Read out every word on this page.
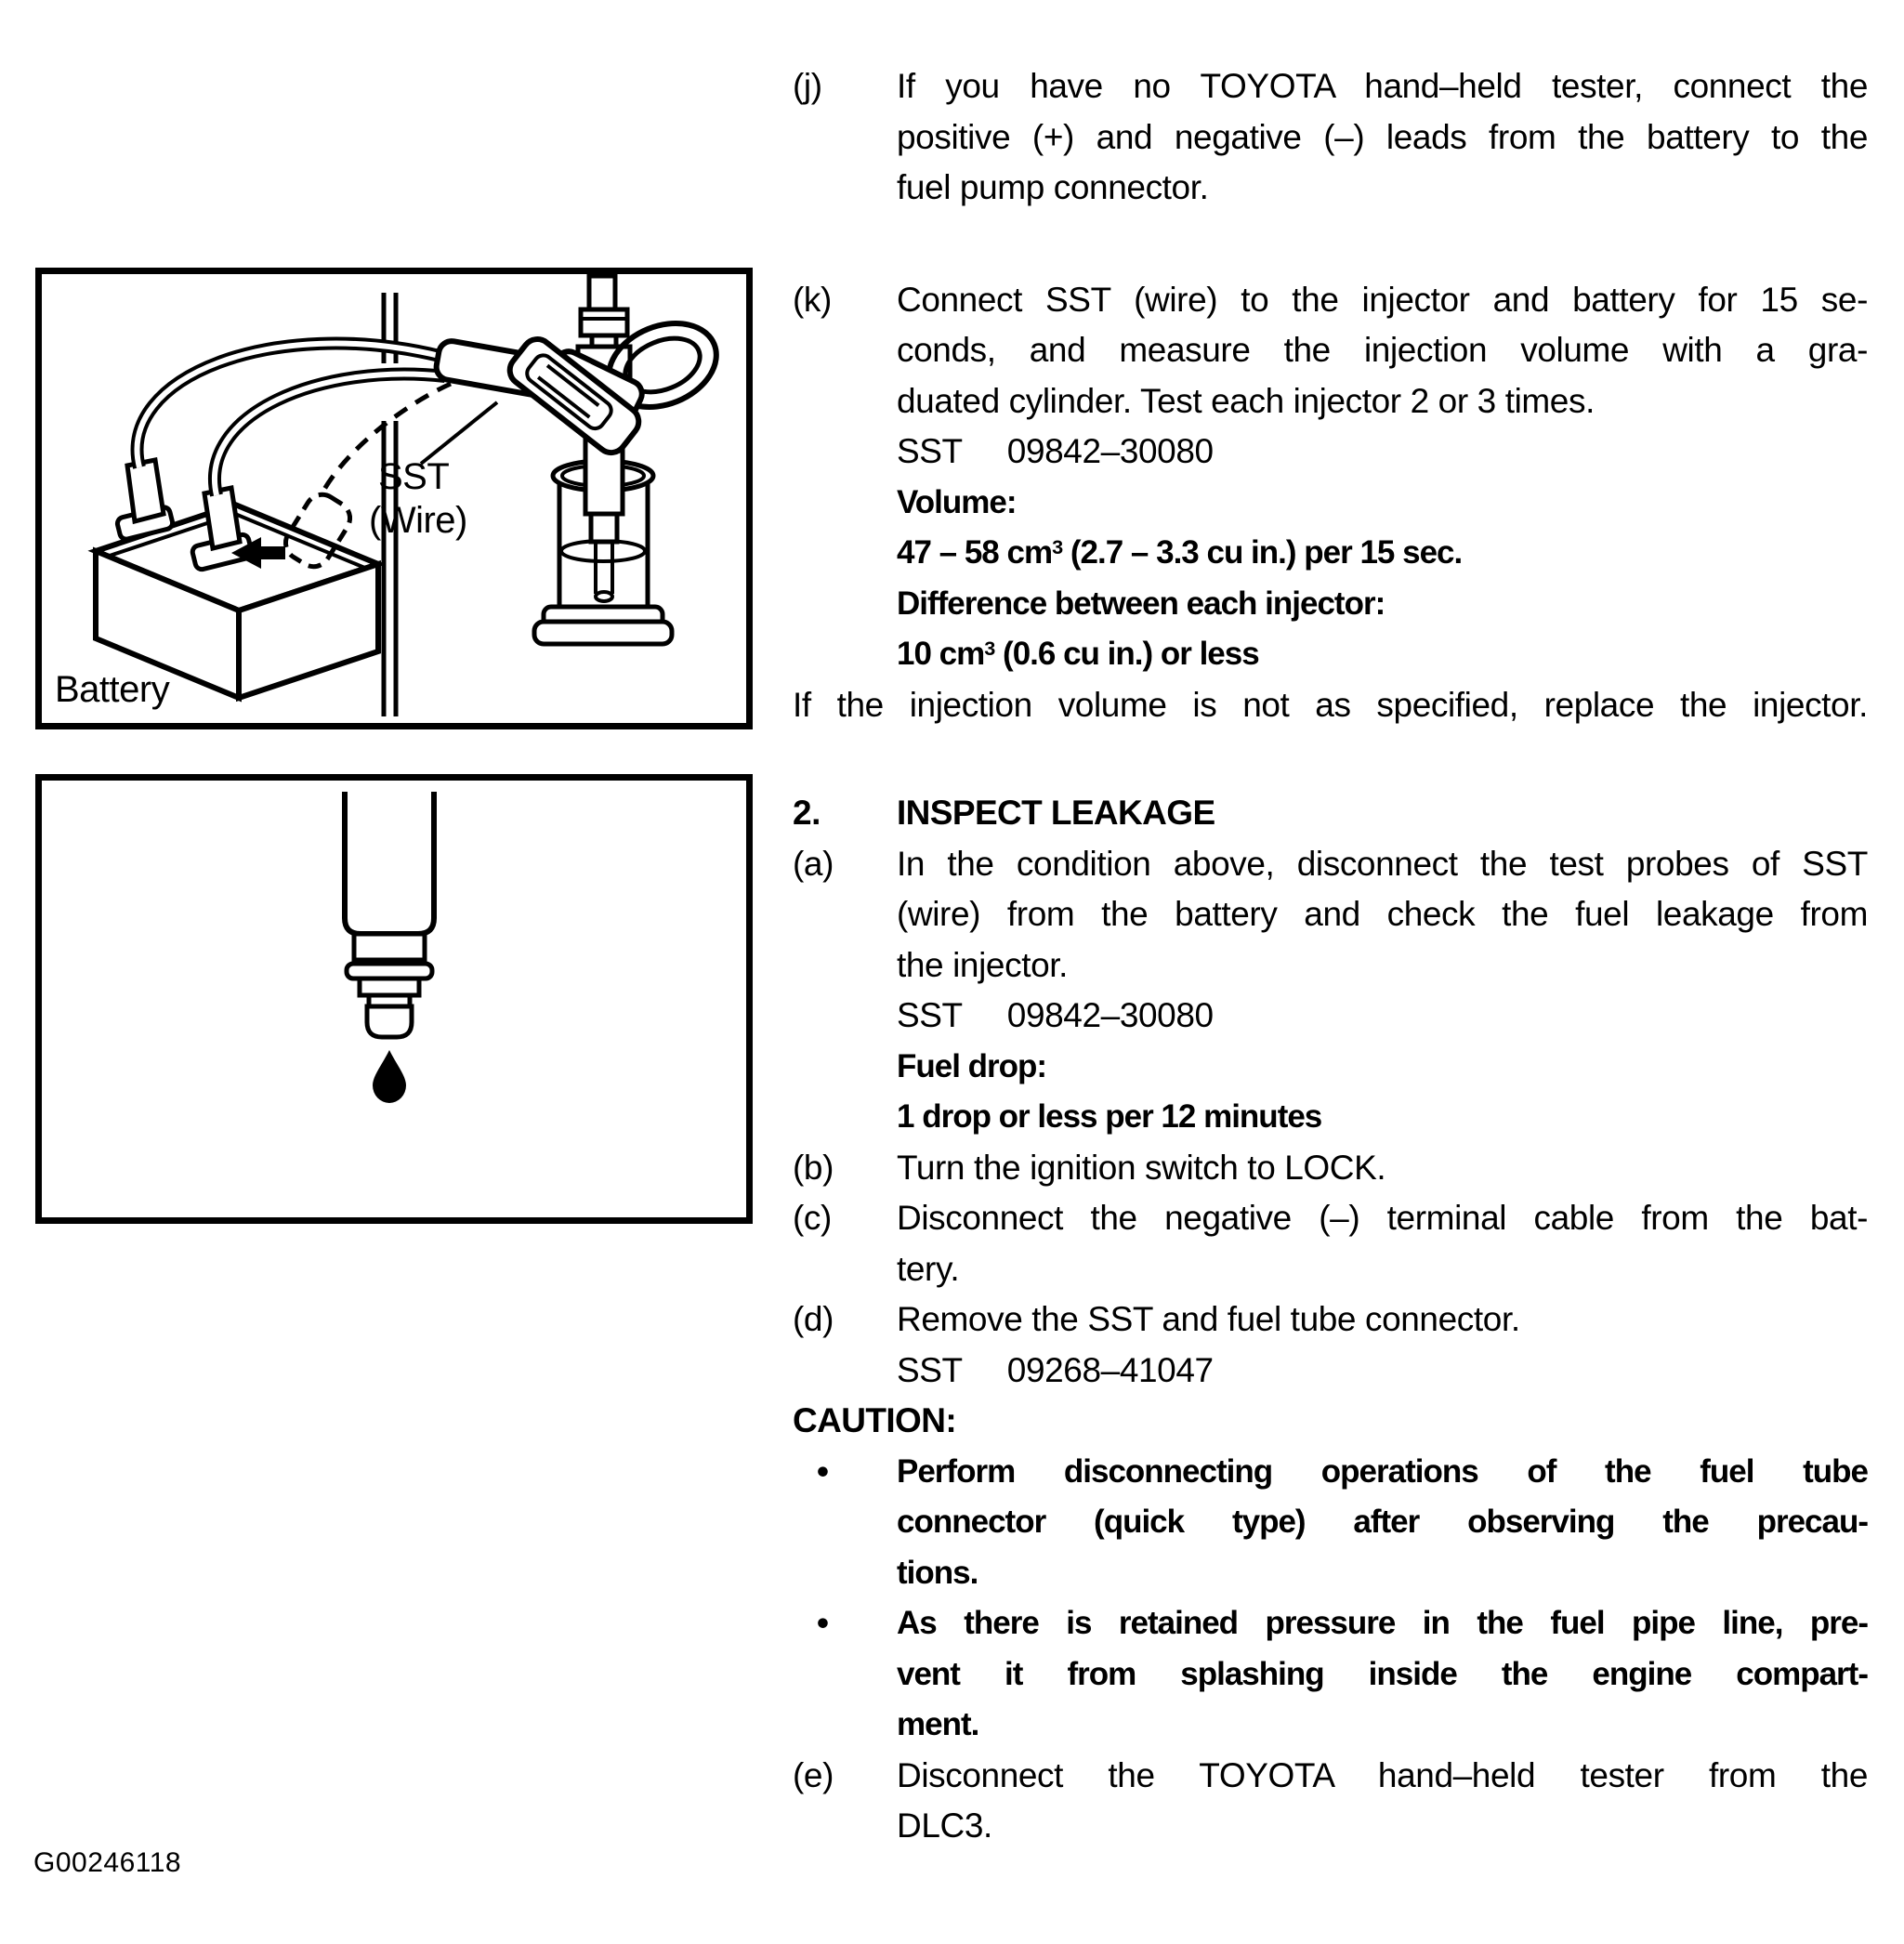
Battery
SST
(Wire)
G00246118
(j) If you have no TOYOTA hand–held tester, connect the
positive (+) and negative (–) leads from the battery to the
fuel pump connector.
(k) Connect SST (wire) to the injector and battery for 15 se-
conds, and measure the injection volume with a gra-
duated cylinder. Test each injector 2 or 3 times.
SST 09842–30080
Volume:
47 – 58 $cm^3$ (2.7 – 3.3 cu in.) per 15 sec.
Difference between each injector:
10 $cm^3$ (0.6 cu in.) or less
If the injection volume is not as specified, replace the injector.
2. INSPECT LEAKAGE
(a) In the condition above, disconnect the test probes of SST
(wire) from the battery and check the fuel leakage from
the injector.
SST 09842–30080
Fuel drop:
1 drop or less per 12 minutes
(b) Turn the ignition switch to LOCK.
(c) Disconnect the negative (–) terminal cable from the bat-
tery.
(d) Remove the SST and fuel tube connector.
SST 09268–41047
CAUTION:
• Perform disconnecting operations of the fuel tube
connector (quick type) after observing the precau-
tions.
• As there is retained pressure in the fuel pipe line, pre-
vent it from splashing inside the engine compart-
ment.
(e) Disconnect the TOYOTA hand–held tester from the
DLC3.
